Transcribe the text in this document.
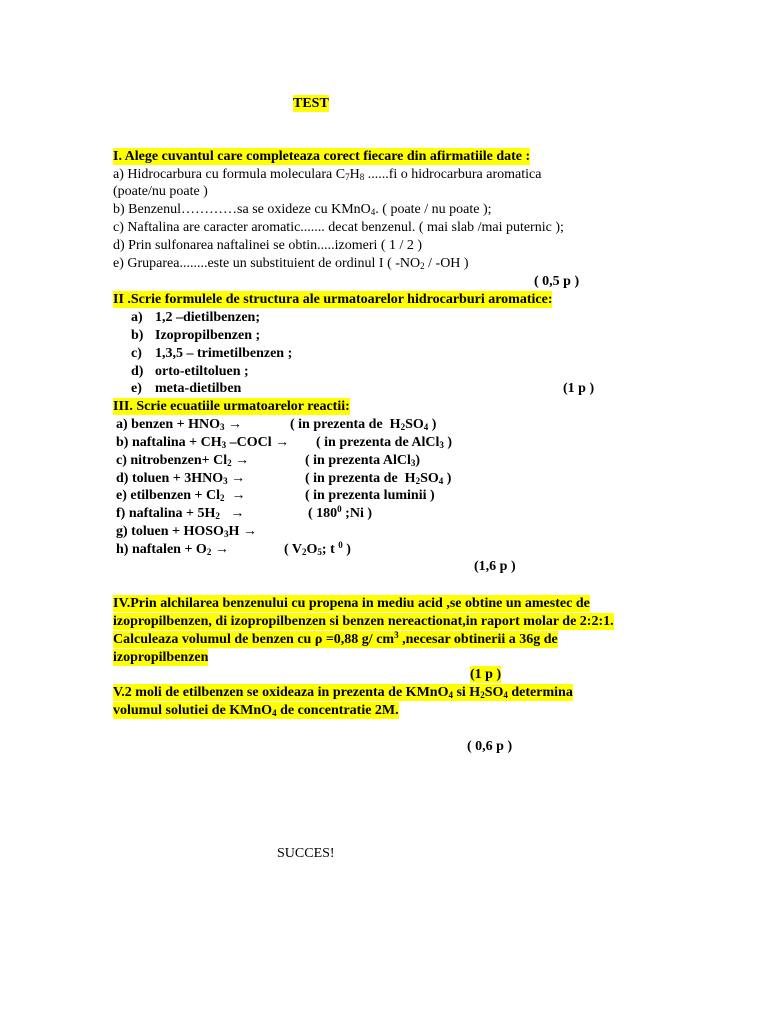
TEST
I. Alege cuvantul care completeaza corect fiecare din afirmatiile date :
a) Hidrocarbura cu formula moleculara $C_7H_8$ ......fi o hidrocarbura aromatica
(poate/nu poate )
b) Benzenul…………sa se oxideze cu KMnO$_4$. ( poate / nu poate );
c) Naftalina are caracter aromatic....... decat benzenul. ( mai slab /mai puternic );
d) Prin sulfonarea naftalinei se obtin.....izomeri ( 1 / 2 )
e) Gruparea........este un substituient de ordinul I ( $-NO_2 / -OH$ )
( 0,5 p )
II .Scrie formulele de structura ale urmatoarelor hidrocarburi aromatice:
a) 1,2 –dietilbenzen;
b) Izopropilbenzen ;
c) 1,3,5 – trimetilbenzen ;
d) orto-etiltoluen ;
e) meta-dietilben	(1 p )
III. Scrie ecuatiile urmatoarelor reactii:
a) benzen + $HNO_3$ →	( in prezenta de  $H_2SO_4$ )
b) naftalina + $CH_3$ –COCl → ( in prezenta de AlCl$_3$ )
c) nitrobenzen+ $Cl_2$ →	( in prezenta AlCl$_3$)
d) toluen + $3HNO_3$ →	( in prezenta de  $H_2SO_4$ )
e) etilbenzen + $Cl_2$  →	( in prezenta luminii )
f) naftalina + $5H_2$   →	( $180^0$ ;Ni )
g) toluen + $HOSO_3H$ →
h) naftalen + $O_2$ →	( $V_2O_5$; t $^0$ )
(1,6 p )
IV.Prin alchilarea benzenului cu propena in mediu acid ,se obtine un amestec de
izopropilbenzen, di izopropilbenzen si benzen nereactionat,in raport molar de 2:2:1.
Calculeaza volumul de benzen cu ρ =0,88 g/ $cm^3$ ,necesar obtinerii a 36g de
izopropilbenzen
(1 p )
V.2 moli de etilbenzen se oxideaza in prezenta de KMnO$_4$ si $H_2SO_4$ determina
volumul solutiei de KMnO$_4$ de concentratie 2M.
( 0,6 p )
SUCCES!
